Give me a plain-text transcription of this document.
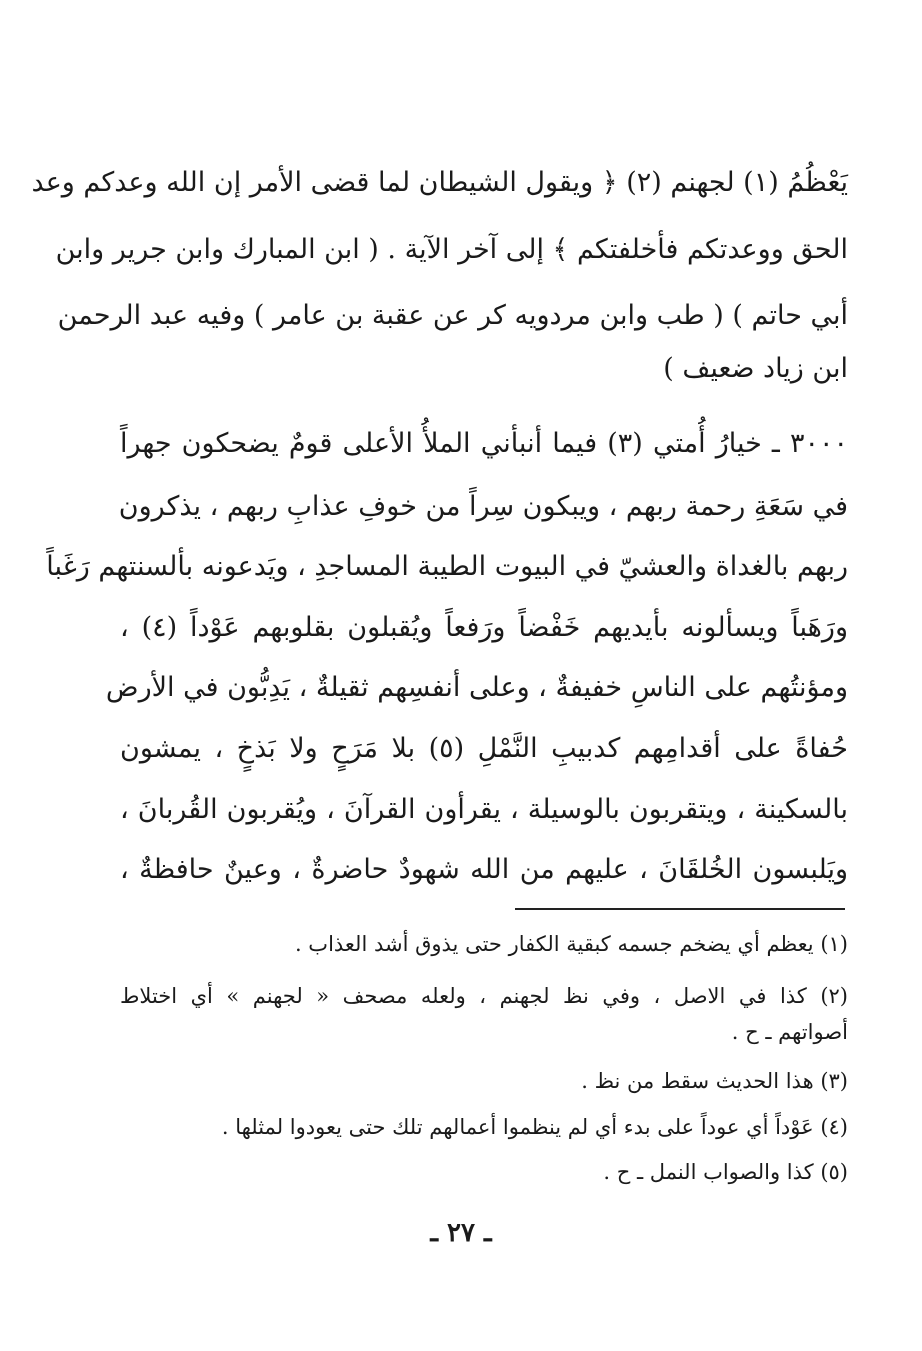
يَعْظُمُ (١) لجهنم (٢) ﴿ ويقول الشيطان لما قضى الأمر إن الله وعدكم وعد
الحق ووعدتكم فأخلفتكم ﴾ إلى آخر الآية . ( ابن المبارك وابن جرير وابن
أبي حاتم ) ( طب وابن مردويه كر عن عقبة بن عامر ) وفيه عبد الرحمن
ابن زياد ضعيف )
٣٠٠٠ ـ خيارُ أُمتي (٣) فيما أنبأني الملأُ الأعلى قومٌ يضحكون جهراً
في سَعَةِ رحمة ربهم ، ويبكون سِراً من خوفِ عذابِ ربهم ، يذكرون
ربهم بالغداة والعشيّ في البيوت الطيبة المساجدِ ، ويَدعونه بألسنتهم رَغَباً
ورَهَباً ويسألونه بأيديهم خَفْضاً ورَفعاً ويُقبلون بقلوبهم عَوْداً (٤) ،
ومؤنتُهم على الناسِ خفيفةٌ ، وعلى أنفسِهم ثقيلةٌ ، يَدِبُّون في الأرض
حُفاةً على أقدامِهم كدبيبِ النَّمْلِ (٥) بلا مَرَحٍ ولا بَذخٍ ، يمشون
بالسكينة ، ويتقربون بالوسيلة ، يقرأون القرآنَ ، ويُقربون القُربانَ ،
ويَلبسون الخُلقَانَ ، عليهم من الله شهودٌ حاضرةٌ ، وعينٌ حافظةٌ ،
(١) يعظم أي يضخم جسمه كبقية الكفار حتى يذوق أشد العذاب .
(٢) كذا في الاصل ، وفي نظ لجهنم ، ولعله مصحف « لجهنم » أي اختلاط
أصواتهم ـ ح .
(٣) هذا الحديث سقط من نظ .
(٤) عَوْداً أي عوداً على بدء أي لم ينظموا أعمالهم تلك حتى يعودوا لمثلها .
(٥) كذا والصواب النمل ـ ح .
ـ ٢٧ ـ
